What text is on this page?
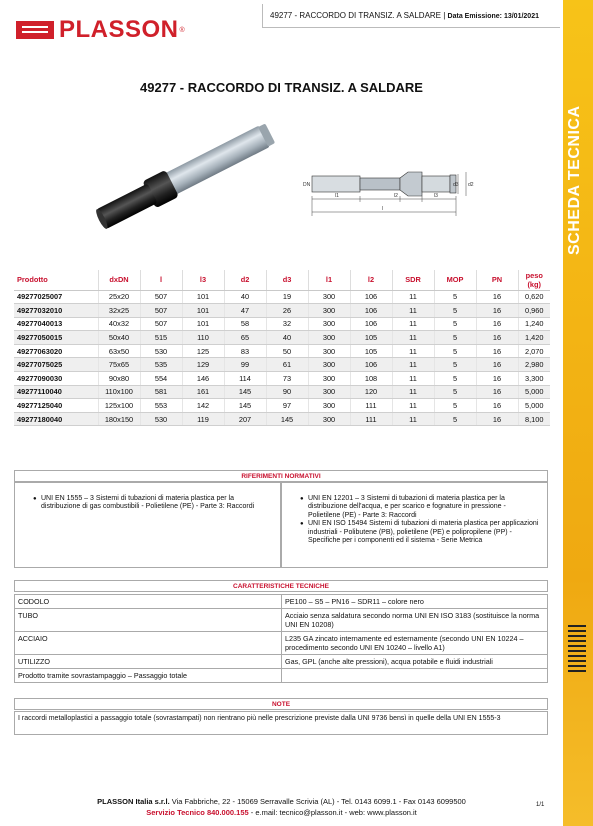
SCHEDA TECNICA
PLASSON ®
49277 - RACCORDO DI TRANSIZ. A SALDARE | Data Emissione: 13/01/2021
49277 - RACCORDO DI TRANSIZ. A SALDARE
DN
l1	l2	l3
l
d3 d2
Prodotto	dxDN	l	l3	d2	d3	l1	l2	SDR	MOP	PN	peso (kg)
49277025007	25x20	507	101	40	19	300	106	11	5	16	0,620
49277032010	32x25	507	101	47	26	300	106	11	5	16	0,960
49277040013	40x32	507	101	58	32	300	106	11	5	16	1,240
49277050015	50x40	515	110	65	40	300	105	11	5	16	1,420
49277063020	63x50	530	125	83	50	300	105	11	5	16	2,070
49277075025	75x65	535	129	99	61	300	106	11	5	16	2,980
49277090030	90x80	554	146	114	73	300	108	11	5	16	3,300
49277110040	110x100	581	161	145	90	300	120	11	5	16	5,000
49277125040	125x100	553	142	145	97	300	111	11	5	16	5,000
49277180040	180x150	530	119	207	145	300	111	11	5	16	8,100
RIFERIMENTI NORMATIVI
● UNI EN 1555 – 3 Sistemi di tubazioni di materia plastica per la distribuzione di gas combustibili - Polietilene (PE) - Parte 3: Raccordi
● UNI EN 12201 – 3 Sistemi di tubazioni di materia plastica per la distribuzione dell'acqua, e per scarico e fognature in pressione - Polietilene (PE) - Parte 3: Raccordi
● UNI EN ISO 15494 Sistemi di tubazioni di materia plastica per applicazioni industriali - Polibutene (PB), polietilene (PE) e polipropilene (PP) - Specifiche per i componenti ed il sistema - Serie Metrica
CARATTERISTICHE TECNICHE
CODOLO	PE100 – S5 – PN16 – SDR11 – colore nero
TUBO	Acciaio senza saldatura secondo norma UNI EN ISO 3183 (sostituisce la norma UNI EN 10208)
ACCIAIO	L235 GA zincato internamente ed esternamente (secondo UNI EN 10224 – procedimento secondo UNI EN 10240 – livello A1)
UTILIZZO	Gas, GPL (anche alte pressioni), acqua potabile e fluidi industriali
Prodotto tramite sovrastampaggio – Passaggio totale	
NOTE
I raccordi metalloplastici a passaggio totale (sovrastampati) non rientrano più nelle prescrizione previste dalla UNI 9736 bensì in quelle della UNI EN 1555-3
PLASSON Italia s.r.l. Via Fabbriche, 22 - 15069 Serravalle Scrivia (AL) - Tel. 0143 6099.1 - Fax 0143 6099500
Servizio Tecnico 840.000.155 - e.mail: tecnico@plasson.it - web: www.plasson.it
1/1
